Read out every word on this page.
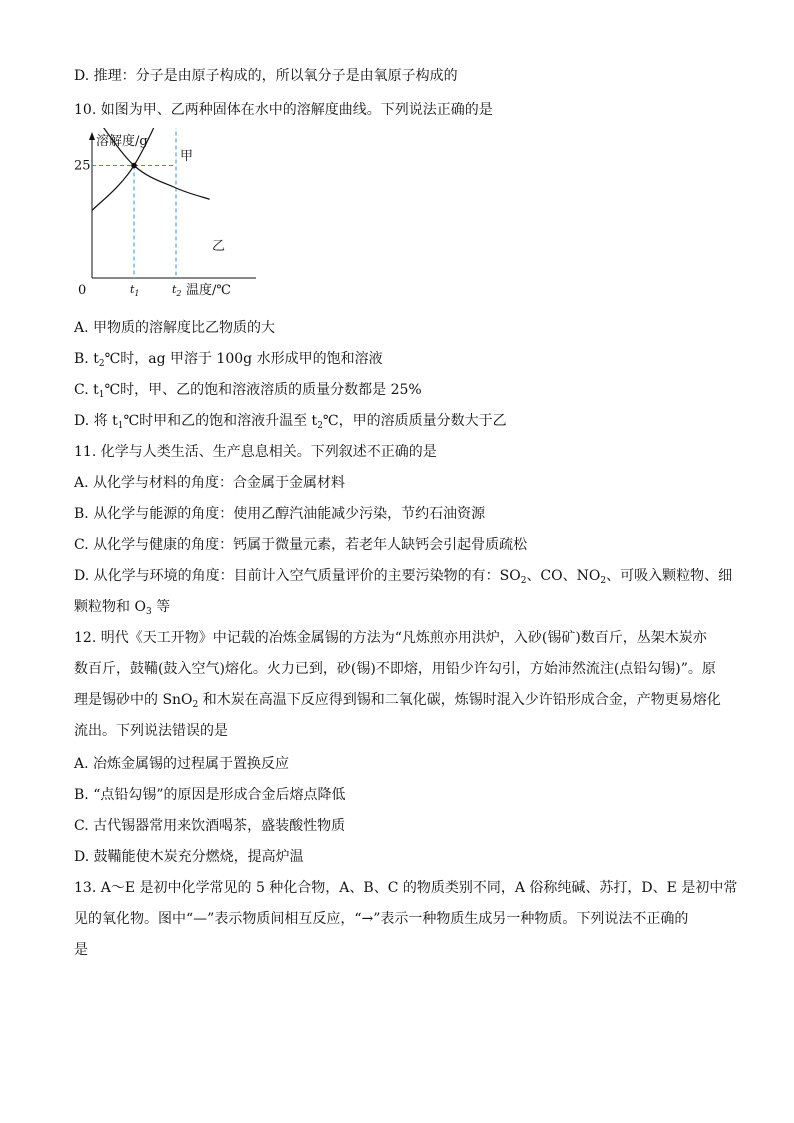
D. 推理：分子是由原子构成的，所以氧分子是由氧原子构成的
10. 如图为甲、乙两种固体在水中的溶解度曲线。下列说法正确的是
溶解度/g
温度/℃
0
25
$t_1$	$t_2$
甲
乙
A. 甲物质的溶解度比乙物质的大
B. $t_2℃$时，ag 甲溶于 100g 水形成甲的饱和溶液
C. $t_1℃$时，甲、乙的饱和溶液溶质的质量分数都是 25%
D. 将 $t_1℃$时甲和乙的饱和溶液升温至 $t_2℃$，甲的溶质质量分数大于乙
11. 化学与人类生活、生产息息相关。下列叙述不正确的是
A. 从化学与材料的角度：合金属于金属材料
B. 从化学与能源的角度：使用乙醇汽油能减少污染，节约石油资源
C. 从化学与健康的角度：钙属于微量元素，若老年人缺钙会引起骨质疏松
D. 从化学与环境的角度：目前计入空气质量评价的主要污染物的有：$SO_2$、CO、$NO_2$、可吸入颗粒物、细
颗粒物和 $O_3$ 等
12. 明代《天工开物》中记载的冶炼金属锡的方法为“凡炼煎亦用洪炉，入砂(锡矿)数百斤，丛架木炭亦
数百斤，鼓鞴(鼓入空气)熔化。火力已到，砂(锡)不即熔，用铅少许勾引，方始沛然流注(点铅勾锡)”。原
理是锡砂中的 SnO$_2$ 和木炭在高温下反应得到锡和二氧化碳，炼锡时混入少许铅形成合金，产物更易熔化
流出。下列说法错误的是
A. 冶炼金属锡的过程属于置换反应
B. “点铅勾锡”的原因是形成合金后熔点降低
C. 古代锡器常用来饮酒喝茶，盛装酸性物质
D. 鼓鞴能使木炭充分燃烧，提高炉温
13. A～E 是初中化学常见的 5 种化合物，A、B、C 的物质类别不同，A 俗称纯碱、苏打，D、E 是初中常
见的氧化物。图中“—”表示物质间相互反应，“→”表示一种物质生成另一种物质。下列说法不正确的
是
